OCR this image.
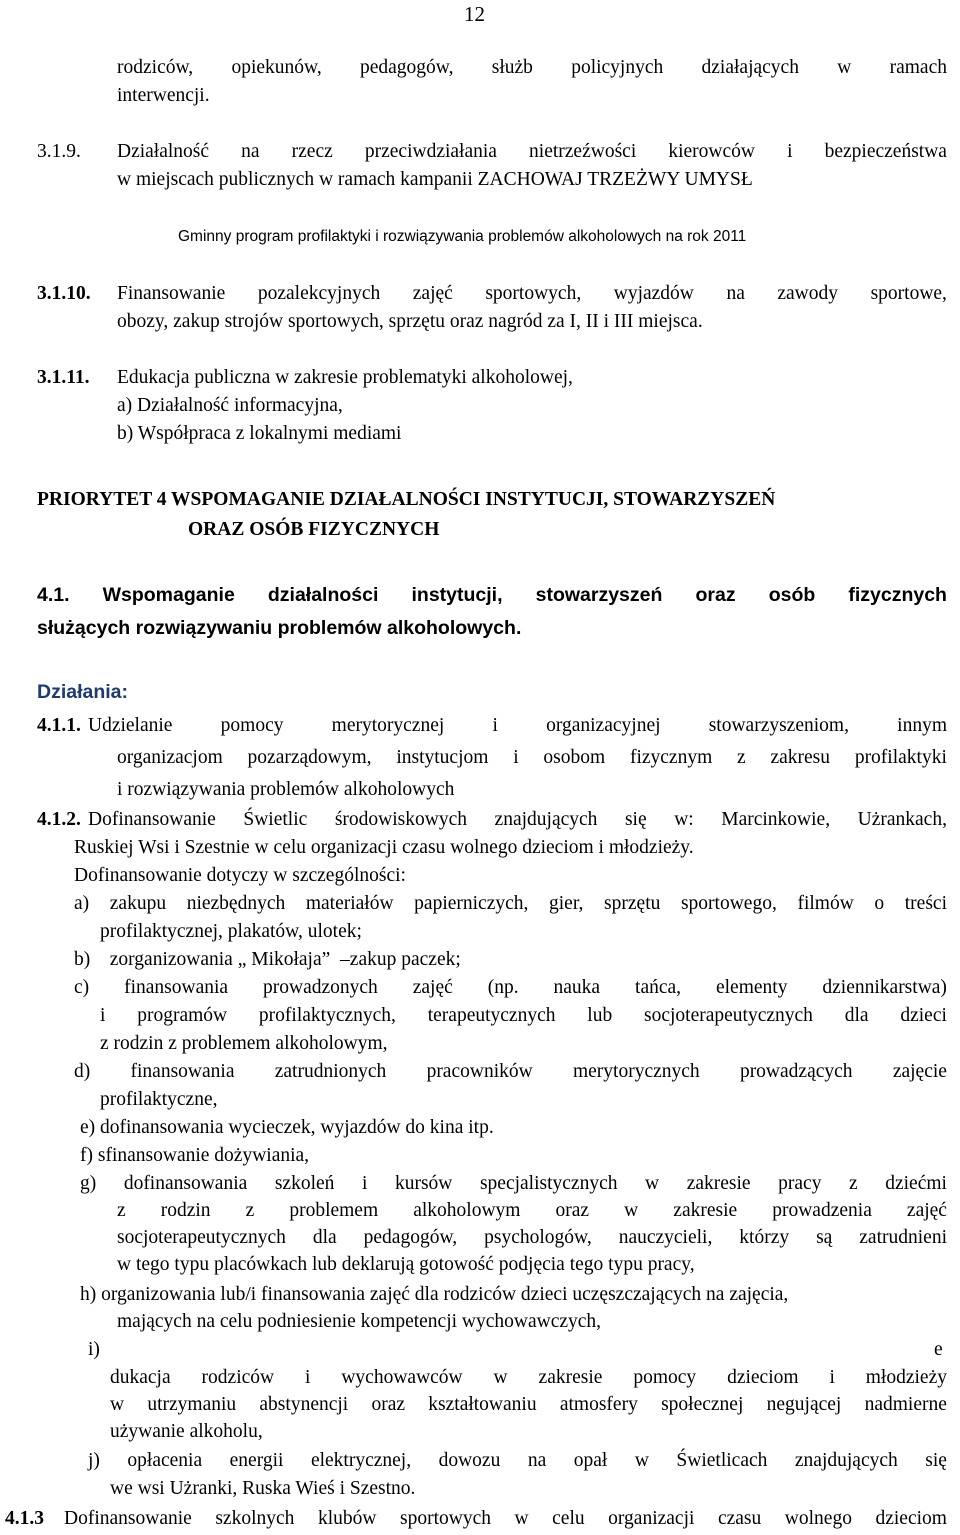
12
rodziców, opiekunów, pedagogów, służb policyjnych działających w ramach
interwencji.
3.1.9. Działalność na rzecz przeciwdziałania nietrzeźwości kierowców i bezpieczeństwa
w miejscach publicznych w ramach kampanii ZACHOWAJ TRZEŻWY UMYSŁ
Gminny program profilaktyki i rozwiązywania problemów alkoholowych na rok 2011
3.1.10. Finansowanie pozalekcyjnych zajęć sportowych, wyjazdów na zawody sportowe,
obozy, zakup strojów sportowych, sprzętu oraz nagród za I, II i III miejsca.
3.1.11. Edukacja publiczna w zakresie problematyki alkoholowej,
a) Działalność informacyjna,
b) Współpraca z lokalnymi mediami
PRIORYTET 4 WSPOMAGANIE DZIAŁALNOŚCI INSTYTUCJI, STOWARZYSZEŃ
ORAZ OSÓB FIZYCZNYCH
4.1. Wspomaganie działalności instytucji, stowarzyszeń oraz osób fizycznych
służących rozwiązywaniu problemów alkoholowych.
Działania:
4.1.1. Udzielanie pomocy merytorycznej i organizacyjnej stowarzyszeniom, innym
organizacjom pozarządowym, instytucjom i osobom fizycznym z zakresu profilaktyki
i rozwiązywania problemów alkoholowych
4.1.2. Dofinansowanie Świetlic środowiskowych znajdujących się w: Marcinkowie, Użrankach,
Ruskiej Wsi i Szestnie w celu organizacji czasu wolnego dzieciom i młodzieży.
Dofinansowanie dotyczy w szczególności:
a) zakupu niezbędnych materiałów papierniczych, gier, sprzętu sportowego, filmów o treści
profilaktycznej, plakatów, ulotek;
b)    zorganizowania „ Mikołaja”  –zakup paczek;
c) finansowania prowadzonych zajęć (np. nauka tańca, elementy dziennikarstwa)
i programów profilaktycznych, terapeutycznych lub socjoterapeutycznych dla dzieci
z rodzin z problemem alkoholowym,
d) finansowania zatrudnionych pracowników merytorycznych prowadzących zajęcie
profilaktyczne,
e) dofinansowania wycieczek, wyjazdów do kina itp.
f) sfinansowanie dożywiania,
g) dofinansowania szkoleń i kursów specjalistycznych w zakresie pracy z dziećmi
z rodzin z problemem alkoholowym oraz w zakresie prowadzenia zajęć
socjoterapeutycznych dla pedagogów, psychologów, nauczycieli, którzy są zatrudnieni
w tego typu placówkach lub deklarują gotowość podjęcia tego typu pracy,
h) organizowania lub/i finansowania zajęć dla rodziców dzieci uczęszczających na zajęcia,
mających na celu podniesienie kompetencji wychowawczych,
i)	e
dukacja rodziców i wychowawców w zakresie pomocy dzieciom i młodzieży
w utrzymaniu abstynencji oraz kształtowaniu atmosfery społecznej negującej nadmierne
używanie alkoholu,
j) opłacenia energii elektrycznej, dowozu na opał w Świetlicach znajdujących się
we wsi Użranki, Ruska Wieś i Szestno.
4.1.3 Dofinansowanie szkolnych klubów sportowych w celu organizacji czasu wolnego dzieciom
